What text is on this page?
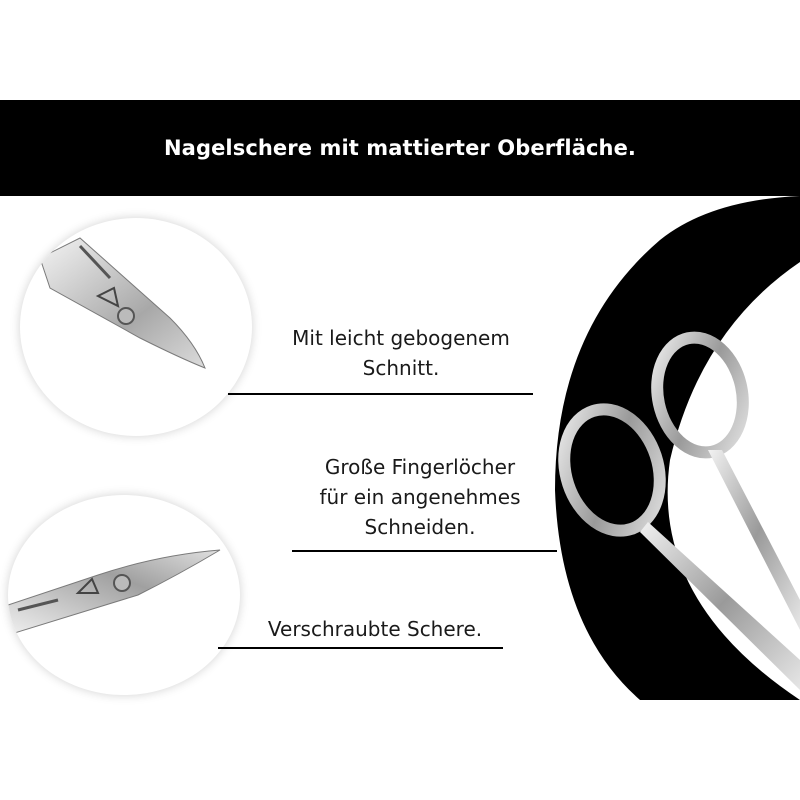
Nagelschere mit mattierter Oberfläche.
Mit leicht gebogenem
Schnitt.
Große Fingerlöcher
für ein angenehmes
Schneiden.
Verschraubte Schere.
